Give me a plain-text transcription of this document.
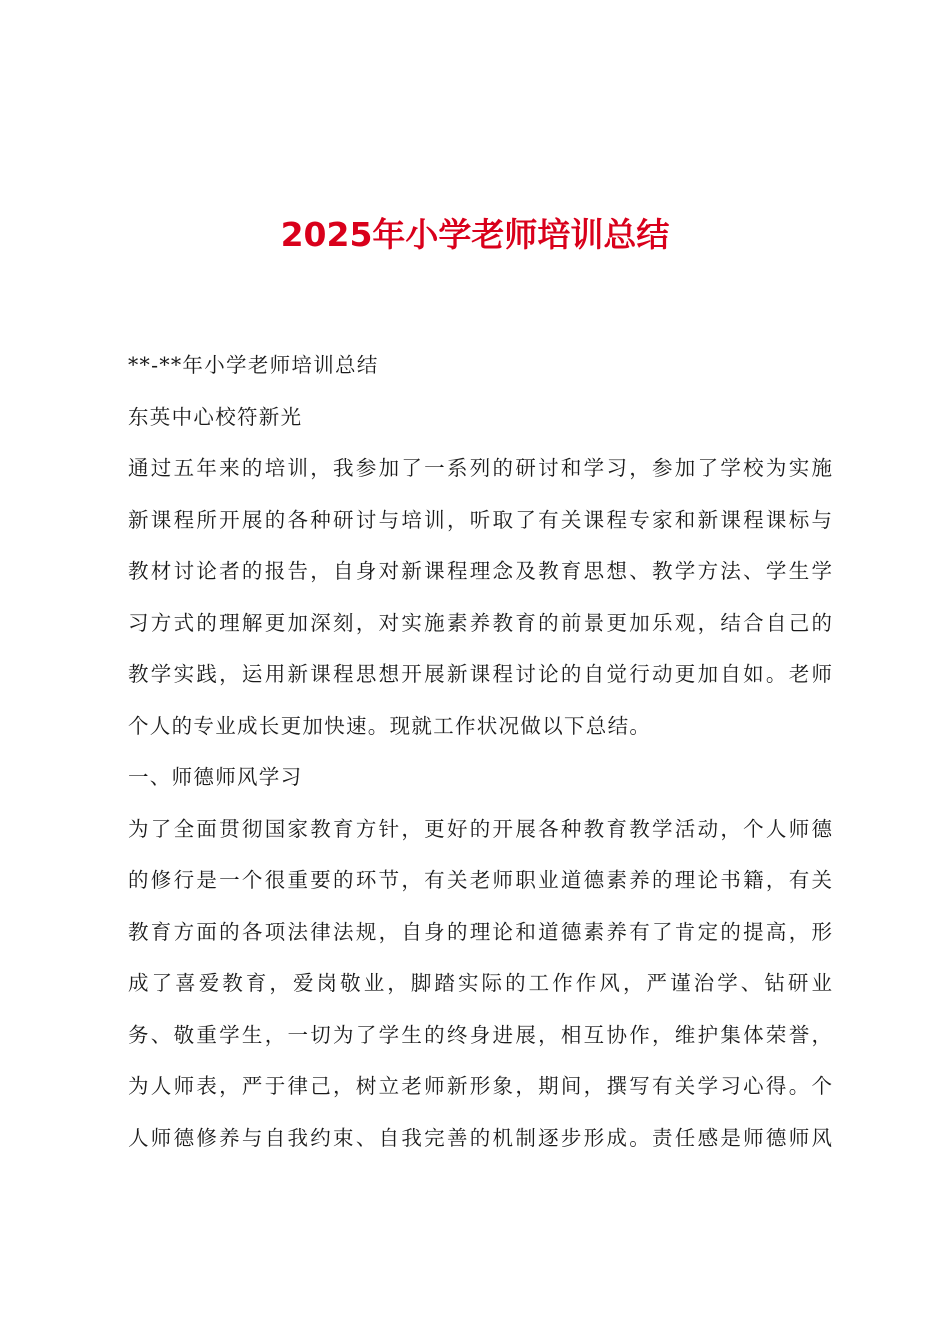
2025年小学老师培训总结
**-**年小学老师培训总结
东英中心校符新光
通过五年来的培训，我参加了一系列的研讨和学习，参加了学校为实施
新课程所开展的各种研讨与培训，听取了有关课程专家和新课程课标与
教材讨论者的报告，自身对新课程理念及教育思想、教学方法、学生学
习方式的理解更加深刻，对实施素养教育的前景更加乐观，结合自己的
教学实践，运用新课程思想开展新课程讨论的自觉行动更加自如。老师
个人的专业成长更加快速。现就工作状况做以下总结。
一、师德师风学习
为了全面贯彻国家教育方针，更好的开展各种教育教学活动，个人师德
的修行是一个很重要的环节，有关老师职业道德素养的理论书籍，有关
教育方面的各项法律法规，自身的理论和道德素养有了肯定的提高，形
成了喜爱教育，爱岗敬业，脚踏实际的工作作风，严谨治学、钻研业
务、敬重学生，一切为了学生的终身进展，相互协作，维护集体荣誉，
为人师表，严于律己，树立老师新形象，期间，撰写有关学习心得。个
人师德修养与自我约束、自我完善的机制逐步形成。责任感是师德师风
